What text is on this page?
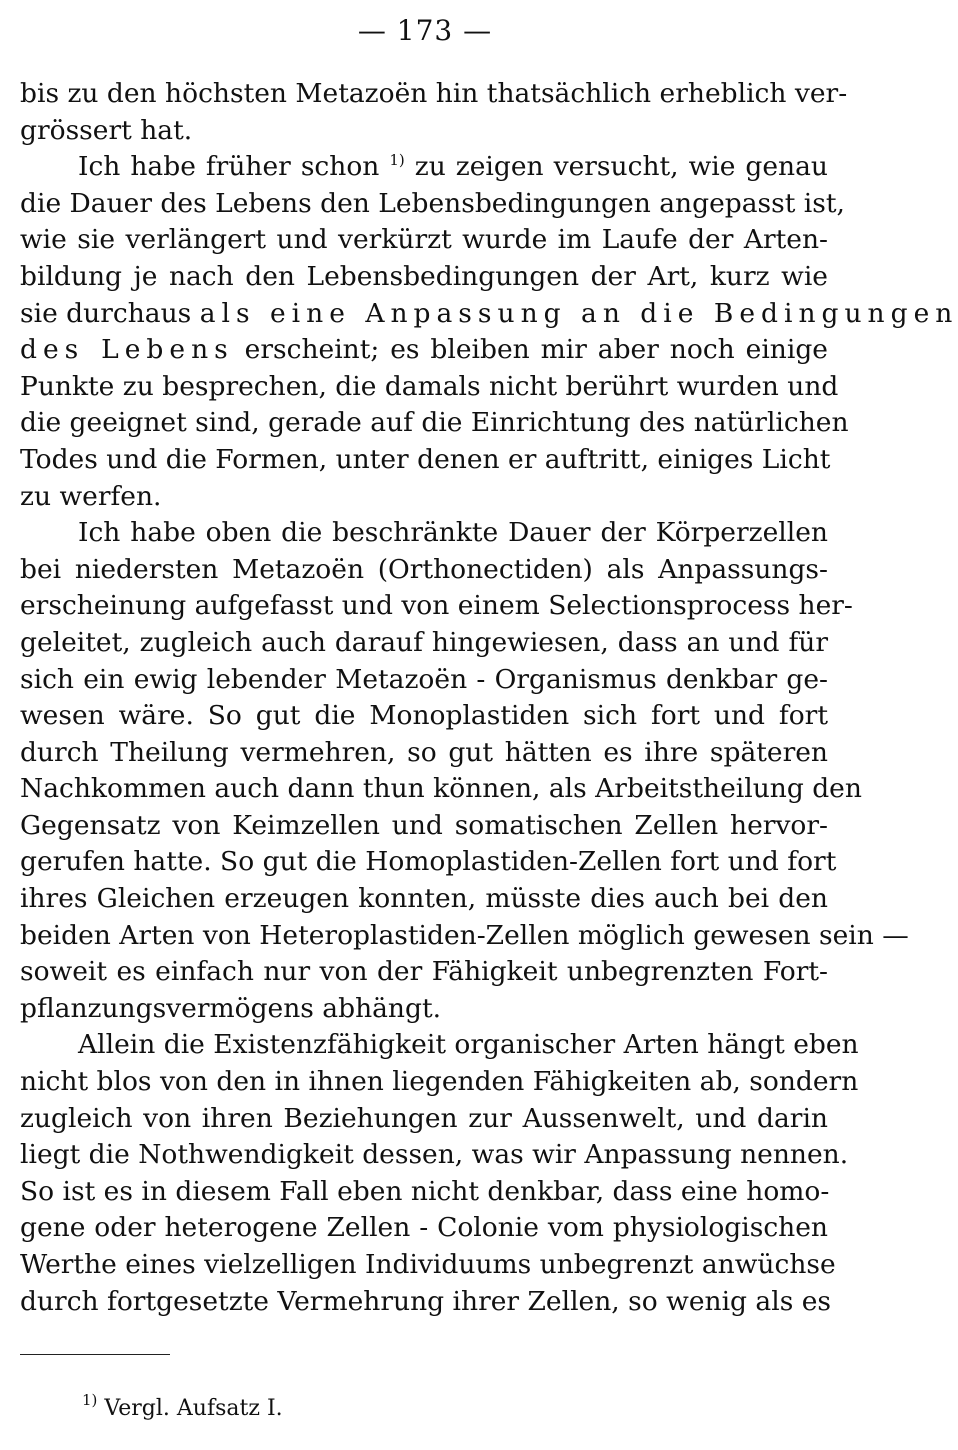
— 173 —
bis zu den höchsten Metazoën hin thatsächlich erheblich ver-
grössert hat.
Ich habe früher schon $^{1)}$ zu zeigen versucht, wie genau
die Dauer des Lebens den Lebensbedingungen angepasst ist,
wie sie verlängert und verkürzt wurde im Laufe der Arten-
bildung je nach den Lebensbedingungen der Art, kurz wie
sie durchaus als eine Anpassung an die Bedingungen
des Lebens erscheint; es bleiben mir aber noch einige
Punkte zu besprechen, die damals nicht berührt wurden und
die geeignet sind, gerade auf die Einrichtung des natürlichen
Todes und die Formen, unter denen er auftritt, einiges Licht
zu werfen.
Ich habe oben die beschränkte Dauer der Körperzellen
bei niedersten Metazoën (Orthonectiden) als Anpassungs-
erscheinung aufgefasst und von einem Selectionsprocess her-
geleitet, zugleich auch darauf hingewiesen, dass an und für
sich ein ewig lebender Metazoën - Organismus denkbar ge-
wesen wäre. So gut die Monoplastiden sich fort und fort
durch Theilung vermehren, so gut hätten es ihre späteren
Nachkommen auch dann thun können, als Arbeitstheilung den
Gegensatz von Keimzellen und somatischen Zellen hervor-
gerufen hatte. So gut die Homoplastiden-Zellen fort und fort
ihres Gleichen erzeugen konnten, müsste dies auch bei den
beiden Arten von Heteroplastiden-Zellen möglich gewesen sein —
soweit es einfach nur von der Fähigkeit unbegrenzten Fort-
pflanzungsvermögens abhängt.
Allein die Existenzfähigkeit organischer Arten hängt eben
nicht blos von den in ihnen liegenden Fähigkeiten ab, sondern
zugleich von ihren Beziehungen zur Aussenwelt, und darin
liegt die Nothwendigkeit dessen, was wir Anpassung nennen.
So ist es in diesem Fall eben nicht denkbar, dass eine homo-
gene oder heterogene Zellen - Colonie vom physiologischen
Werthe eines vielzelligen Individuums unbegrenzt anwüchse
durch fortgesetzte Vermehrung ihrer Zellen, so wenig als es
$^{1)}$ Vergl. Aufsatz I.
